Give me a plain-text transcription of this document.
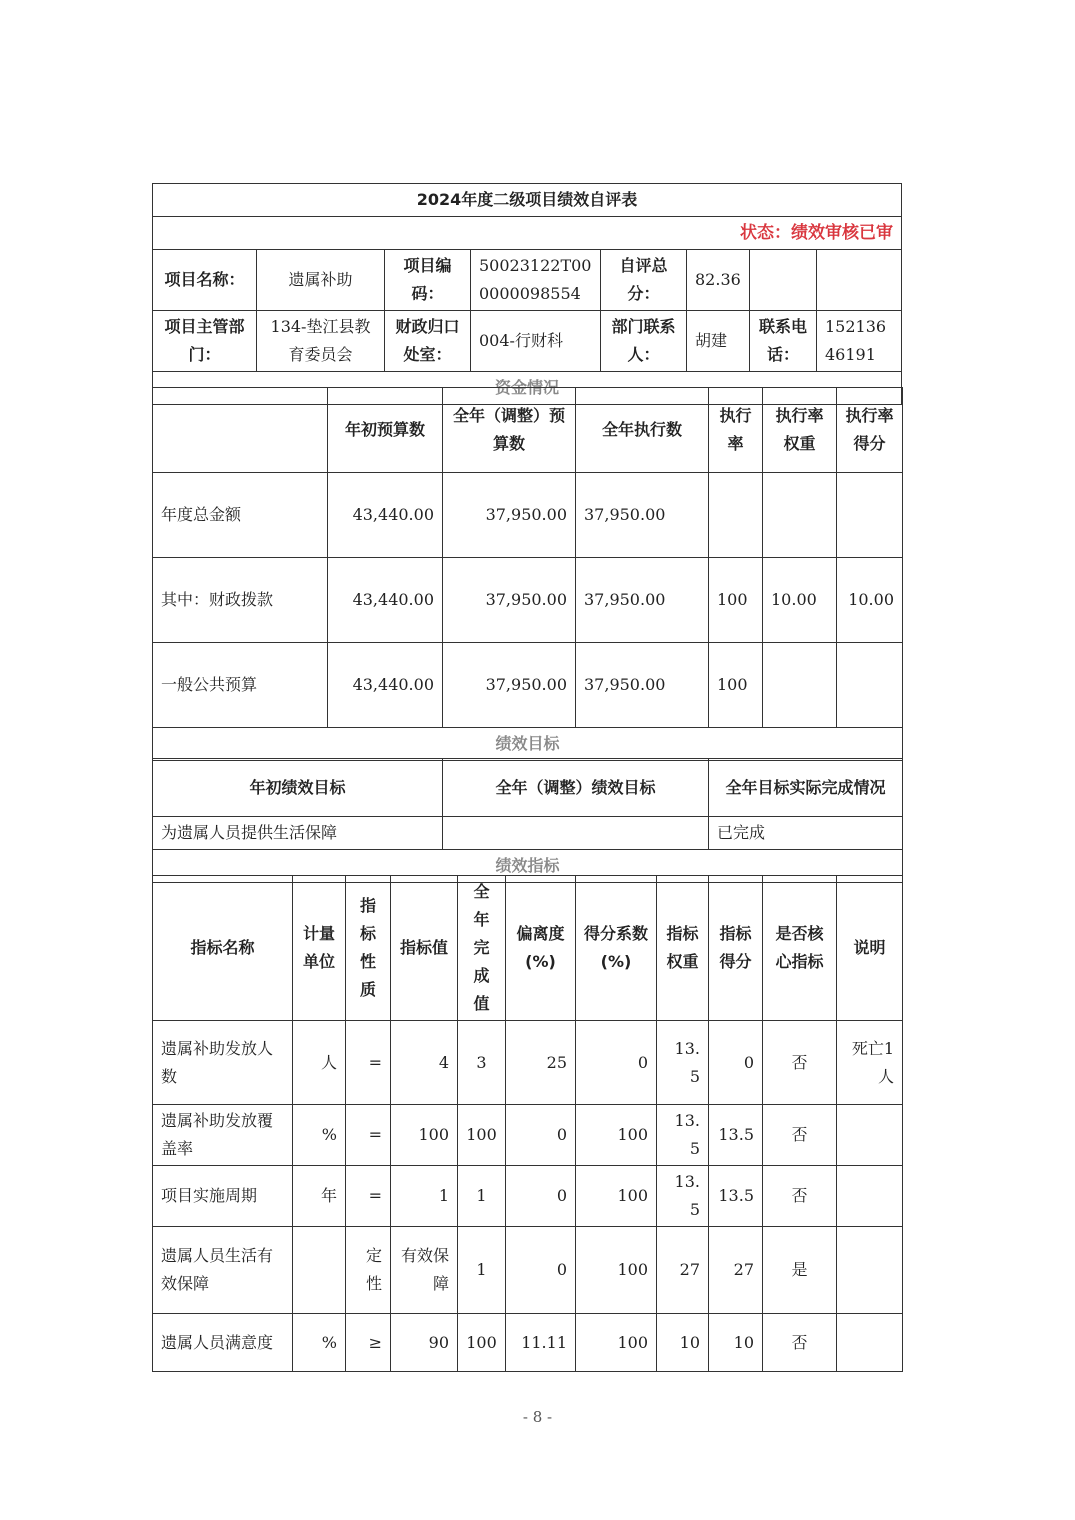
2024年度二级项目绩效自评表							
状态：绩效审核已审							
项目名称：	遗属补助	项目编码：	50023122T000000098554	自评总分：	82.36		
项目主管部门：	134-垫江县教育委员会	财政归口处室：	004-行财科	部门联系人：	胡建	联系电话：	15213646191
资金情况							
	年初预算数	全年（调整）预算数	全年执行数	执行率	执行率权重	执行率得分
年度总金额	43,440.00	37,950.00	37,950.00			
其中：财政拨款	43,440.00	37,950.00	37,950.00	100	10.00	10.00
一般公共预算	43,440.00	37,950.00	37,950.00	100		
绩效目标						
年初绩效目标	全年（调整）绩效目标	全年目标实际完成情况
为遗属人员提供生活保障		已完成
绩效指标		
指标名称	计量单位	指标性质	指标值	全年完成值	偏离度(%)	得分系数(%)	指标权重	指标得分	是否核心指标	说明
遗属补助发放人数	人	=	4	3	25	0	13.5	0	否	死亡1人
遗属补助发放覆盖率	%	=	100	100	0	100	13.5	13.5	否	
项目实施周期	年	=	1	1	0	100	13.5	13.5	否	
遗属人员生活有效保障		定性	有效保障	1	0	100	27	27	是	
遗属人员满意度	%	≥	90	100	11.11	100	10	10	否	
- 8 -
